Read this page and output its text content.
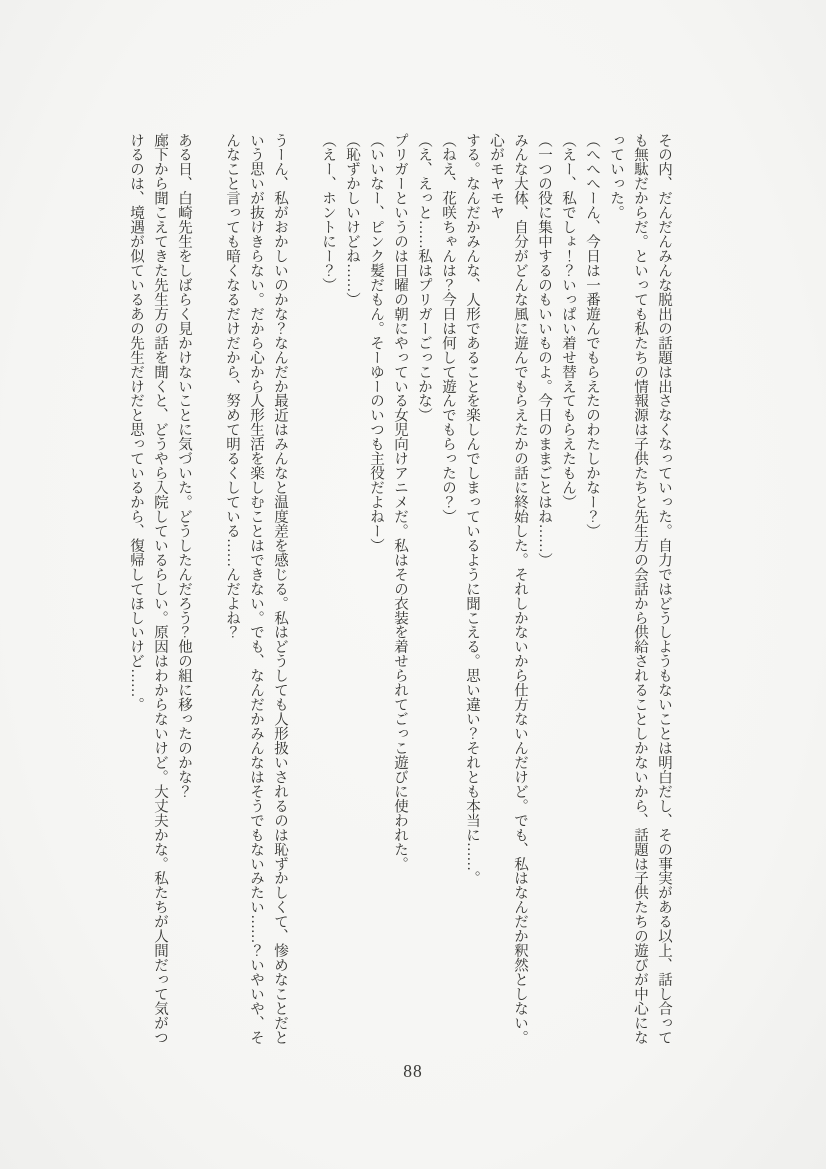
その内、だんだんみんな脱出の話題は出さなくなっていった。自力ではどうしようもないことは明白だし、その事実がある以上、話し合って
も無駄だからだ。といっても私たちの情報源は子供たちと先生方の会話から供給されることしかないから、話題は子供たちの遊びが中心にな
っていった。
（へへへーん、今日は一番遊んでもらえたのわたしかなー？）
（えー、私でしょ！？いっぱい着せ替えてもらえたもん）
（一つの役に集中するのもいいものよ。今日のままごとはね……）
みんな大体、自分がどんな風に遊んでもらえたかの話に終始した。それしかないから仕方ないんだけど。でも、私はなんだか釈然としない。
心がモヤモヤ
する。なんだかみんな、人形であることを楽しんでしまっているように聞こえる。思い違い？それとも本当に……。
（ねえ、花咲ちゃんは？今日は何して遊んでもらったの？）
（え、えっと……私はプリガーごっこかな）
プリガーというのは日曜の朝にやっている女児向けアニメだ。私はその衣装を着せられてごっこ遊びに使われた。
（いいなー、ピンク髪だもん。そーゆーのいつも主役だよねー）
（恥ずかしいけどね……）
（えー、ホントにー？）
うーん、私がおかしいのかな？なんだか最近はみんなと温度差を感じる。私はどうしても人形扱いされるのは恥ずかしくて、惨めなことだと
いう思いが抜けきらない。だから心から人形生活を楽しむことはできない。でも、なんだかみんなはそうでもないみたい……？いやいや、そ
んなこと言っても暗くなるだけだから、努めて明るくしている……んだよね？
ある日、白崎先生をしばらく見かけないことに気づいた。どうしたんだろう？他の組に移ったのかな？
廊下から聞こえてきた先生方の話を聞くと、どうやら入院しているらしい。原因はわからないけど。大丈夫かな。私たちが人間だって気がつ
けるのは、境遇が似ているあの先生だけだと思っているから、復帰してほしいけど……。
88
